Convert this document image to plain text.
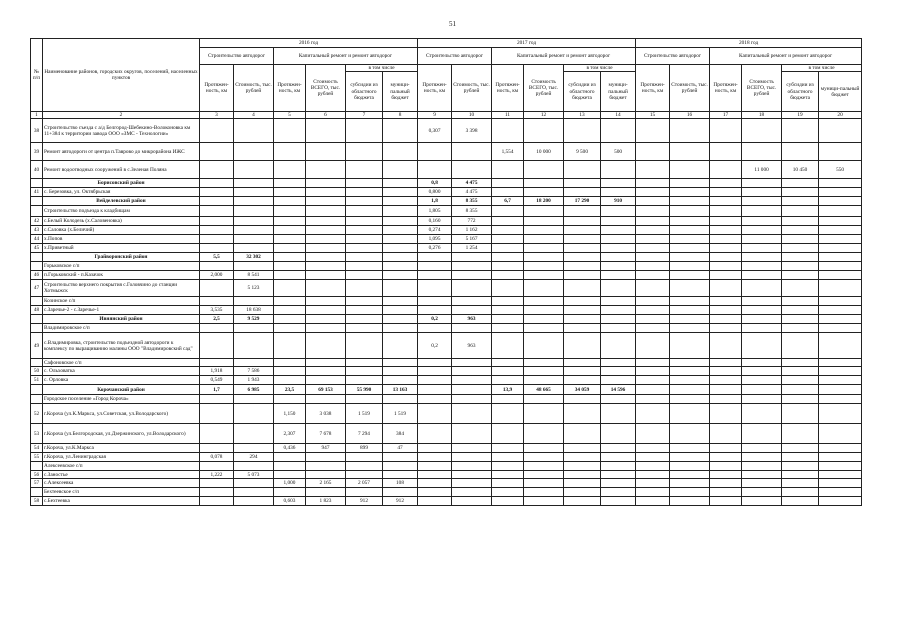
51
№ п/п	Наименование районов, городских округов, поселений, населенных пунктов	2016 год						2017 год						2018 год					
		Строительство автодорог		Капитальный ремонт и ремонт автодорог				Строительство автодорог		Капитальный ремонт и ремонт автодорог				Строительство автодорог		Капитальный ремонт и ремонт автодорог			
		Протяжен-ность, км	Стоимость, тыс. рублей	Протяжен-ность, км	Стоимость ВСЕГО, тыс. рублей	в том числе		Протяжен-ность, км	Стоимость, тыс. рублей	Протяжен-ность, км	Стоимость ВСЕГО, тыс. рублей	в том числе		Протяжен-ность, км	Стоимость, тыс. рублей	Протяжен-ность, км	Стоимость ВСЕГО, тыс. рублей	в том числе	
						субсидии из областного бюджета	муници-пальный бюджет					субсидии из областного бюджета	муници-пальный бюджет					субсидии из областного бюджета	муници-пальный бюджет
1	2	3	4	5	6	7	8	9	10	11	12	13	14	15	16	17	18	19	20
38	Строительство съезда с а/д Белгород-Шебекино-Волоконовка км 11+384 к территории завода ООО «ЗМС - Технологии»							0,307	3 398										
39	Ремонт автодороги от центра п.Таврово до микрорайона ИЖС									1,554	10 000	9 500	500						
40	Ремонт водоотводных сооружений в с.Зеленая Поляна																11 000	10 450	550
	Борисовский район							0,8	4 475										
41	с. Березовка, ул. Октябрьская							0,800	4 475										
	Вейделевский район							1,8	8 355	6,7	18 200	17 290	910						
	Строительство подъезда к кладбищам							1,805	8 355										
42	с.Белый Колодезь (х.Саловеновка)							0,160	772										
43	с.Саловка (х.Беличий)							0,274	1 162										
44	х.Попов							1,095	5 167										
45	х.Приветный							0,276	1 254										
	Грайворонский район	5,5	32 302																
	Горьковское с/п																		
46	п.Горьковский - п.Казачок	2,000	8 541																
47	Строительство верхнего покрытия с.Головчино до станции Хотмыжск		5 123																
	Козинское с/п																		
48	с.Заречье-2 - с.Заречье-1	3,535	18 638																
	Ивнянский район	2,5	9 529					0,2	963										
	Владимировское с/п																		
49	с.Владимировка, строительство подъездной автодороги к комплексу по выращиванию малины ООО "Владимировский сад"							0,2	963										
	Сафоновское с/п																		
50	с. Ольховатка	1,918	7 586																
51	с. Орловка	0,549	1 943																
	Корочанский район	1,7	6 985	23,5	69 153	55 990	13 163			13,9	48 665	34 059	14 596						
	Городское поселение «Город Короча»																		
52	г.Короча (ул.К.Маркса, ул.Советская, ул.Володарского)			1,150	3 038	1 519	1 519												
53	г.Короча (ул.Белгородская, ул.Дзержинского, ул.Володарского)			2,307	7 678	7 294	384												
54	г.Короча, ул.К.Маркса			0,436	947	899	47												
55	г.Короча, ул.Ленинградская	0,078	294																
	Алексеевское с/п																		
56	с.Заностье	1,222	5 073																
57	с.Алексеевка			1,000	2 165	2 057	108												
	Бехтеевское с/п																		
58	с.Бехтеевка			0,603	1 823	912	912												
